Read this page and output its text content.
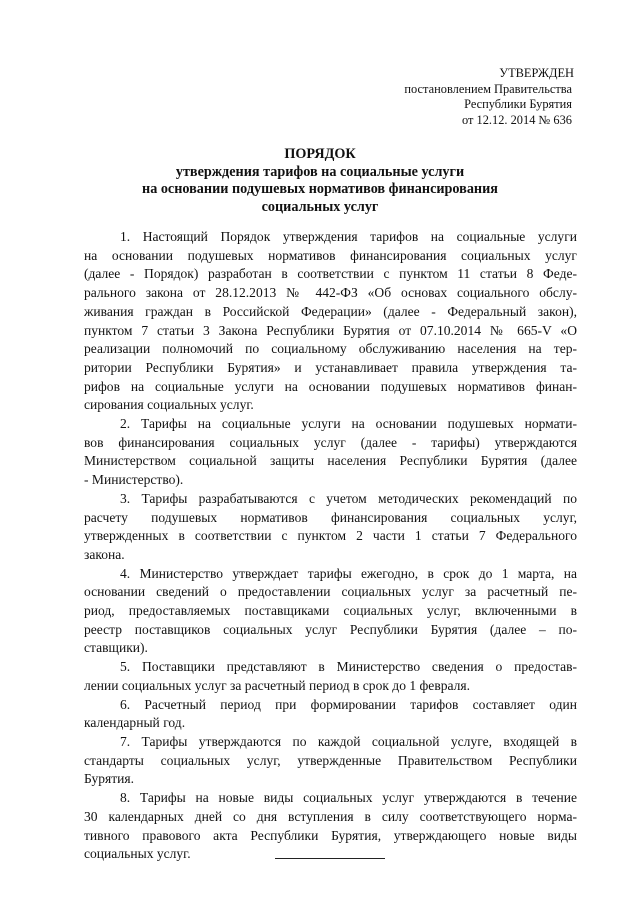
УТВЕРЖДЕН
постановлением Правительства
Республики Бурятия
от 12.12. 2014 № 636
ПОРЯДОК
утверждения тарифов на социальные услуги
на основании подушевых нормативов финансирования
социальных услуг
1. Настоящий Порядок утверждения тарифов на социальные услуги
на основании подушевых нормативов финансирования социальных услуг
(далее - Порядок) разработан в соответствии с пунктом 11 статьи 8 Феде-
рального закона от 28.12.2013 № 442-ФЗ «Об основах социального обслу-
живания граждан в Российской Федерации» (далее - Федеральный закон),
пунктом 7 статьи 3 Закона Республики Бурятия от 07.10.2014 № 665-V «О
реализации полномочий по социальному обслуживанию населения на тер-
ритории Республики Бурятия» и устанавливает правила утверждения та-
рифов на социальные услуги на основании подушевых нормативов финан-
сирования социальных услуг.
2. Тарифы на социальные услуги на основании подушевых нормати-
вов финансирования социальных услуг (далее - тарифы) утверждаются
Министерством социальной защиты населения Республики Бурятия (далее
- Министерство).
3. Тарифы разрабатываются с учетом методических рекомендаций по
расчету подушевых нормативов финансирования социальных услуг,
утвержденных в соответствии с пунктом 2 части 1 статьи 7 Федерального
закона.
4. Министерство утверждает тарифы ежегодно, в срок до 1 марта, на
основании сведений о предоставлении социальных услуг за расчетный пе-
риод, предоставляемых поставщиками социальных услуг, включенными в
реестр поставщиков социальных услуг Республики Бурятия (далее – по-
ставщики).
5. Поставщики представляют в Министерство сведения о предостав-
лении социальных услуг за расчетный период в срок до 1 февраля.
6. Расчетный период при формировании тарифов составляет один
календарный год.
7. Тарифы утверждаются по каждой социальной услуге, входящей в
стандарты социальных услуг, утвержденные Правительством Республики
Бурятия.
8. Тарифы на новые виды социальных услуг утверждаются в течение
30 календарных дней со дня вступления в силу соответствующего норма-
тивного правового акта Республики Бурятия, утверждающего новые виды
социальных услуг.
